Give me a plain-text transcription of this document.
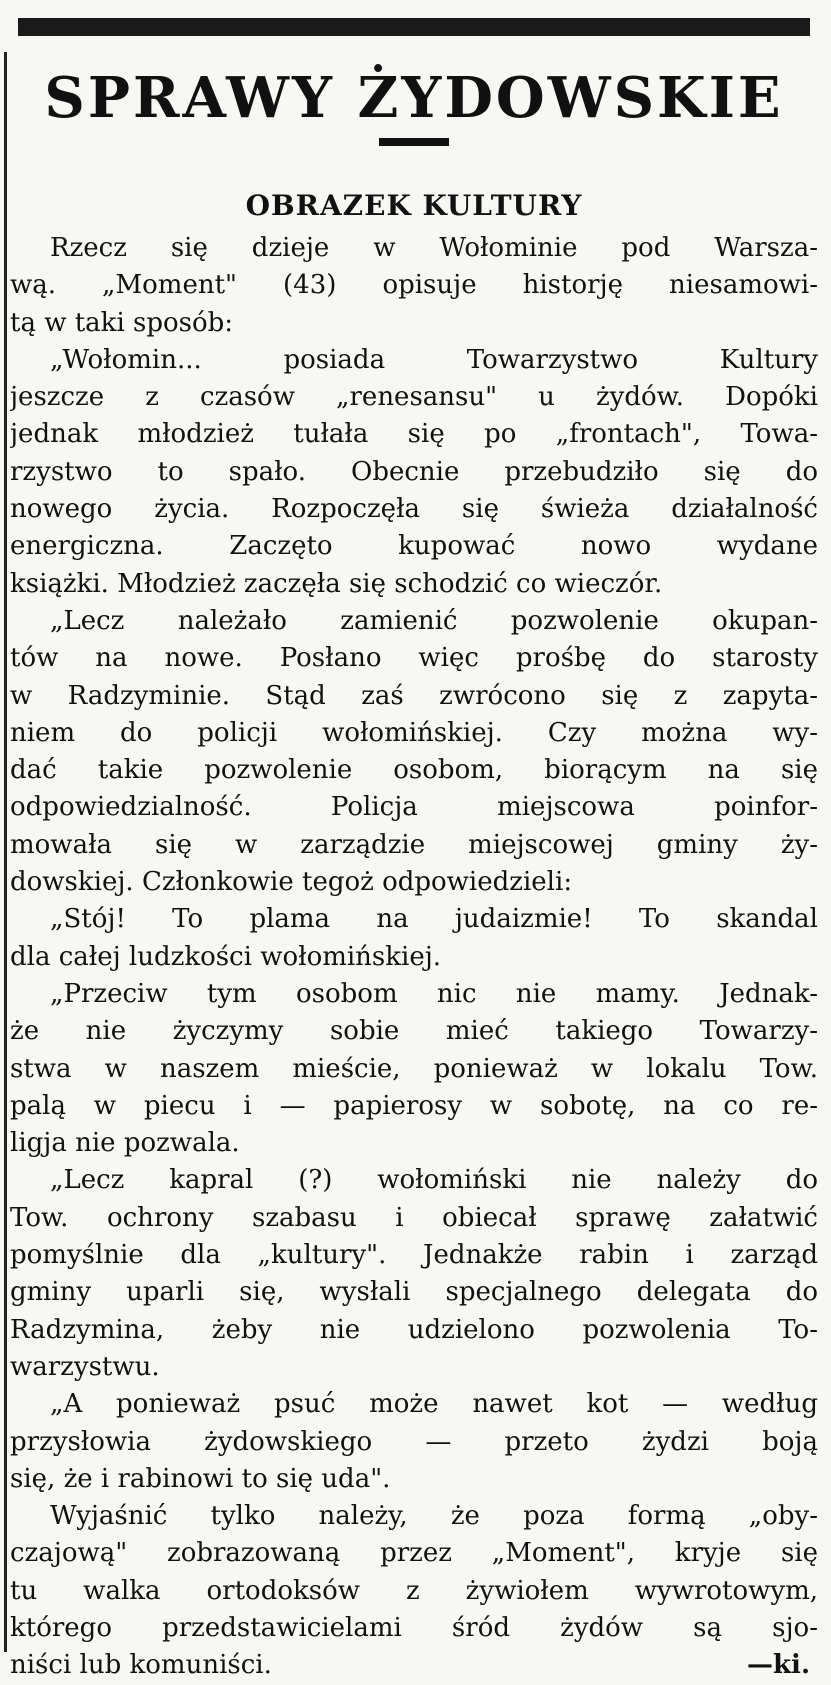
SPRAWY ŻYDOWSKIE
OBRAZEK KULTURY
Rzecz się dzieje w Wołominie pod Warsza-
wą. „Moment" (43) opisuje historję niesamowi-
tą w taki sposób:
„Wołomin... posiada Towarzystwo Kultury
jeszcze z czasów „renesansu" u żydów. Dopóki
jednak młodzież tułała się po „frontach", Towa-
rzystwo to spało. Obecnie przebudziło się do
nowego życia. Rozpoczęła się świeża działalność
energiczna. Zaczęto kupować nowo wydane
książki. Młodzież zaczęła się schodzić co wieczór.
„Lecz należało zamienić pozwolenie okupan-
tów na nowe. Posłano więc prośbę do starosty
w Radzyminie. Stąd zaś zwrócono się z zapyta-
niem do policji wołomińskiej. Czy można wy-
dać takie pozwolenie osobom, biorącym na się
odpowiedzialność. Policja miejscowa poinfor-
mowała się w zarządzie miejscowej gminy ży-
dowskiej. Członkowie tegoż odpowiedzieli:
„Stój! To plama na judaizmie! To skandal
dla całej ludzkości wołomińskiej.
„Przeciw tym osobom nic nie mamy. Jednak-
że nie życzymy sobie mieć takiego Towarzy-
stwa w naszem mieście, ponieważ w lokalu Tow.
palą w piecu i — papierosy w sobotę, na co re-
ligja nie pozwala.
„Lecz kapral (?) wołomiński nie należy do
Tow. ochrony szabasu i obiecał sprawę załatwić
pomyślnie dla „kultury". Jednakże rabin i zarząd
gminy uparli się, wysłali specjalnego delegata do
Radzymina, żeby nie udzielono pozwolenia To-
warzystwu.
„A ponieważ psuć może nawet kot — według
przysłowia żydowskiego — przeto żydzi boją
się, że i rabinowi to się uda".
Wyjaśnić tylko należy, że poza formą „oby-
czajową" zobrazowaną przez „Moment", kryje się
tu walka ortodoksów z żywiołem wywrotowym,
którego przedstawicielami śród żydów są sjo-
niści lub komuniści.	—ki.
